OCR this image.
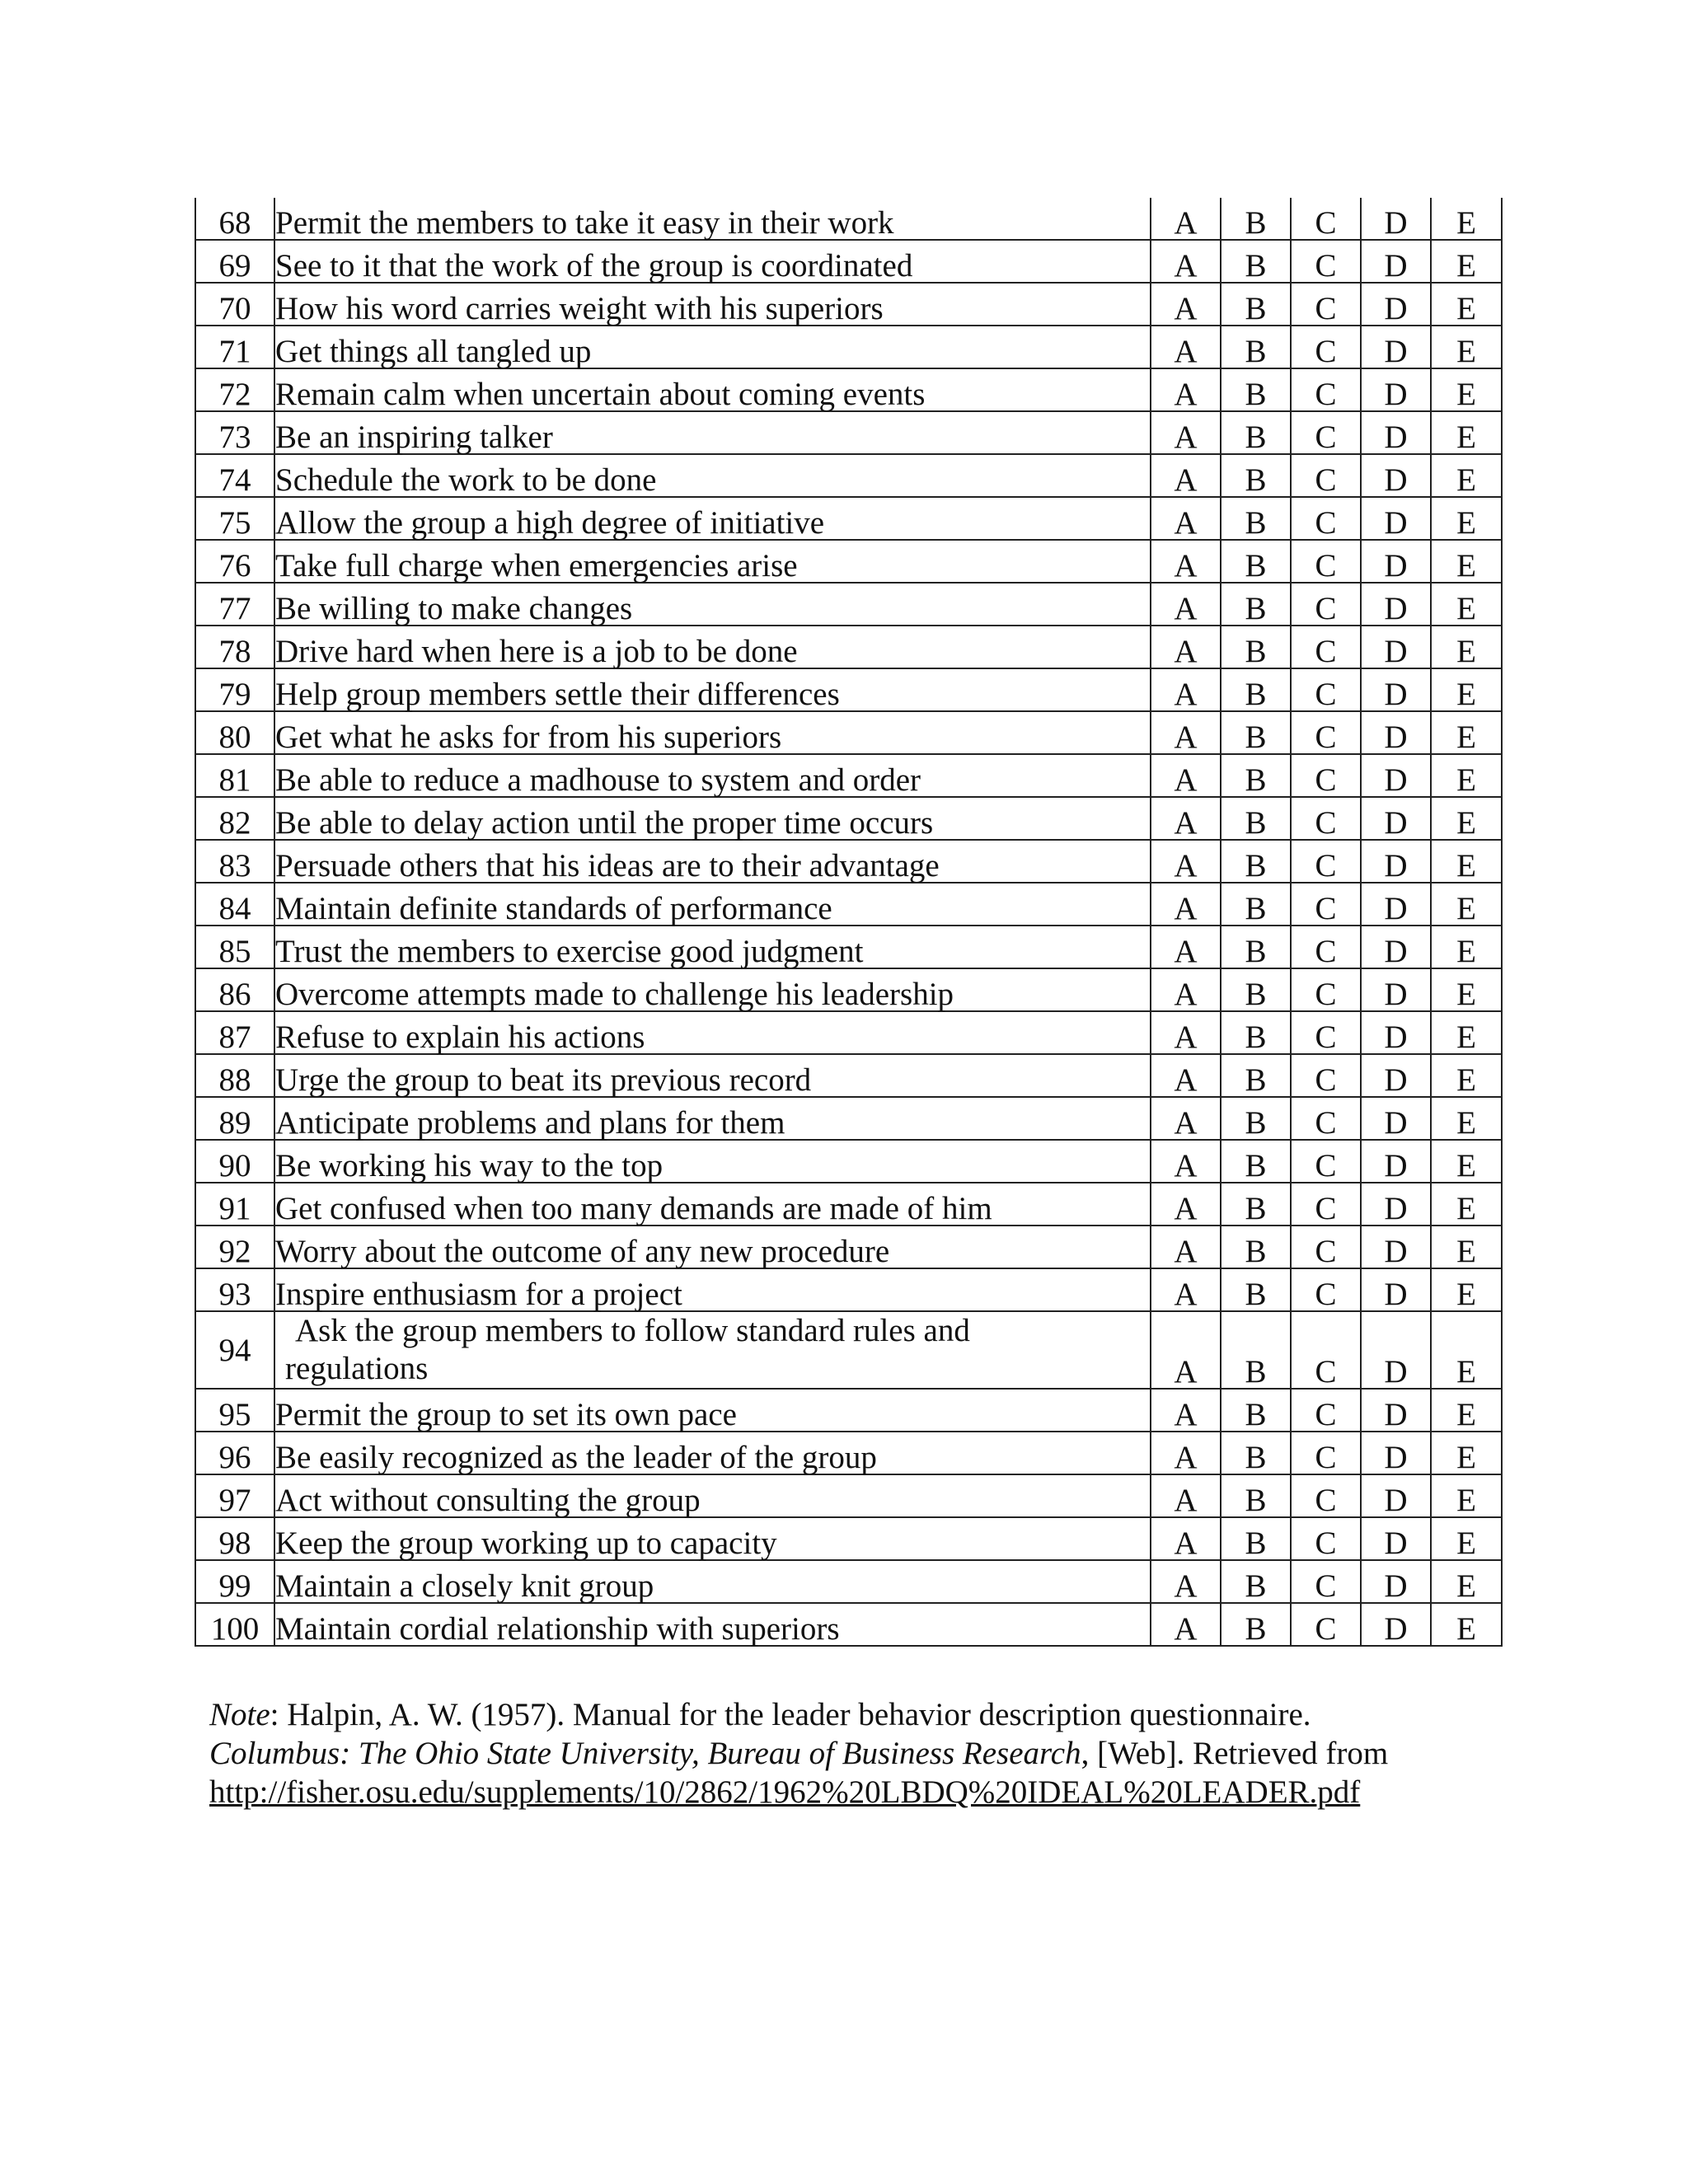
68	Permit the members to take it easy in their work	A	B	C	D	E
69	See to it that the work of the group is coordinated	A	B	C	D	E
70	How his word carries weight with his superiors	A	B	C	D	E
71	Get things all tangled up	A	B	C	D	E
72	Remain calm when uncertain about coming events	A	B	C	D	E
73	Be an inspiring talker	A	B	C	D	E
74	Schedule the work to be done	A	B	C	D	E
75	Allow the group a high degree of initiative	A	B	C	D	E
76	Take full charge when emergencies arise	A	B	C	D	E
77	Be willing to make changes	A	B	C	D	E
78	Drive hard when here is a job to be done	A	B	C	D	E
79	Help group members settle their differences	A	B	C	D	E
80	Get what he asks for from his superiors	A	B	C	D	E
81	Be able to reduce a madhouse to system and order	A	B	C	D	E
82	Be able to delay action until the proper time occurs	A	B	C	D	E
83	Persuade others that his ideas are to their advantage	A	B	C	D	E
84	Maintain definite standards of performance	A	B	C	D	E
85	Trust the members to exercise good judgment	A	B	C	D	E
86	Overcome attempts made to challenge his leadership	A	B	C	D	E
87	Refuse to explain his actions	A	B	C	D	E
88	Urge the group to beat its previous record	A	B	C	D	E
89	Anticipate problems and plans for them	A	B	C	D	E
90	Be working his way to the top	A	B	C	D	E
91	Get confused when too many demands are made of him	A	B	C	D	E
92	Worry about the outcome of any new procedure	A	B	C	D	E
93	Inspire enthusiasm for a project	A	B	C	D	E
94	Ask the group members to follow standard rules and
regulations	A	B	C	D	E
95	Permit the group to set its own pace	A	B	C	D	E
96	Be easily recognized as the leader of the group	A	B	C	D	E
97	Act without consulting the group	A	B	C	D	E
98	Keep the group working up to capacity	A	B	C	D	E
99	Maintain a closely knit group	A	B	C	D	E
100	Maintain cordial relationship with superiors	A	B	C	D	E
Note: Halpin, A. W. (1957). Manual for the leader behavior description questionnaire.
Columbus: The Ohio State University, Bureau of Business Research, [Web]. Retrieved from
http://fisher.osu.edu/supplements/10/2862/1962%20LBDQ%20IDEAL%20LEADER.pdf
